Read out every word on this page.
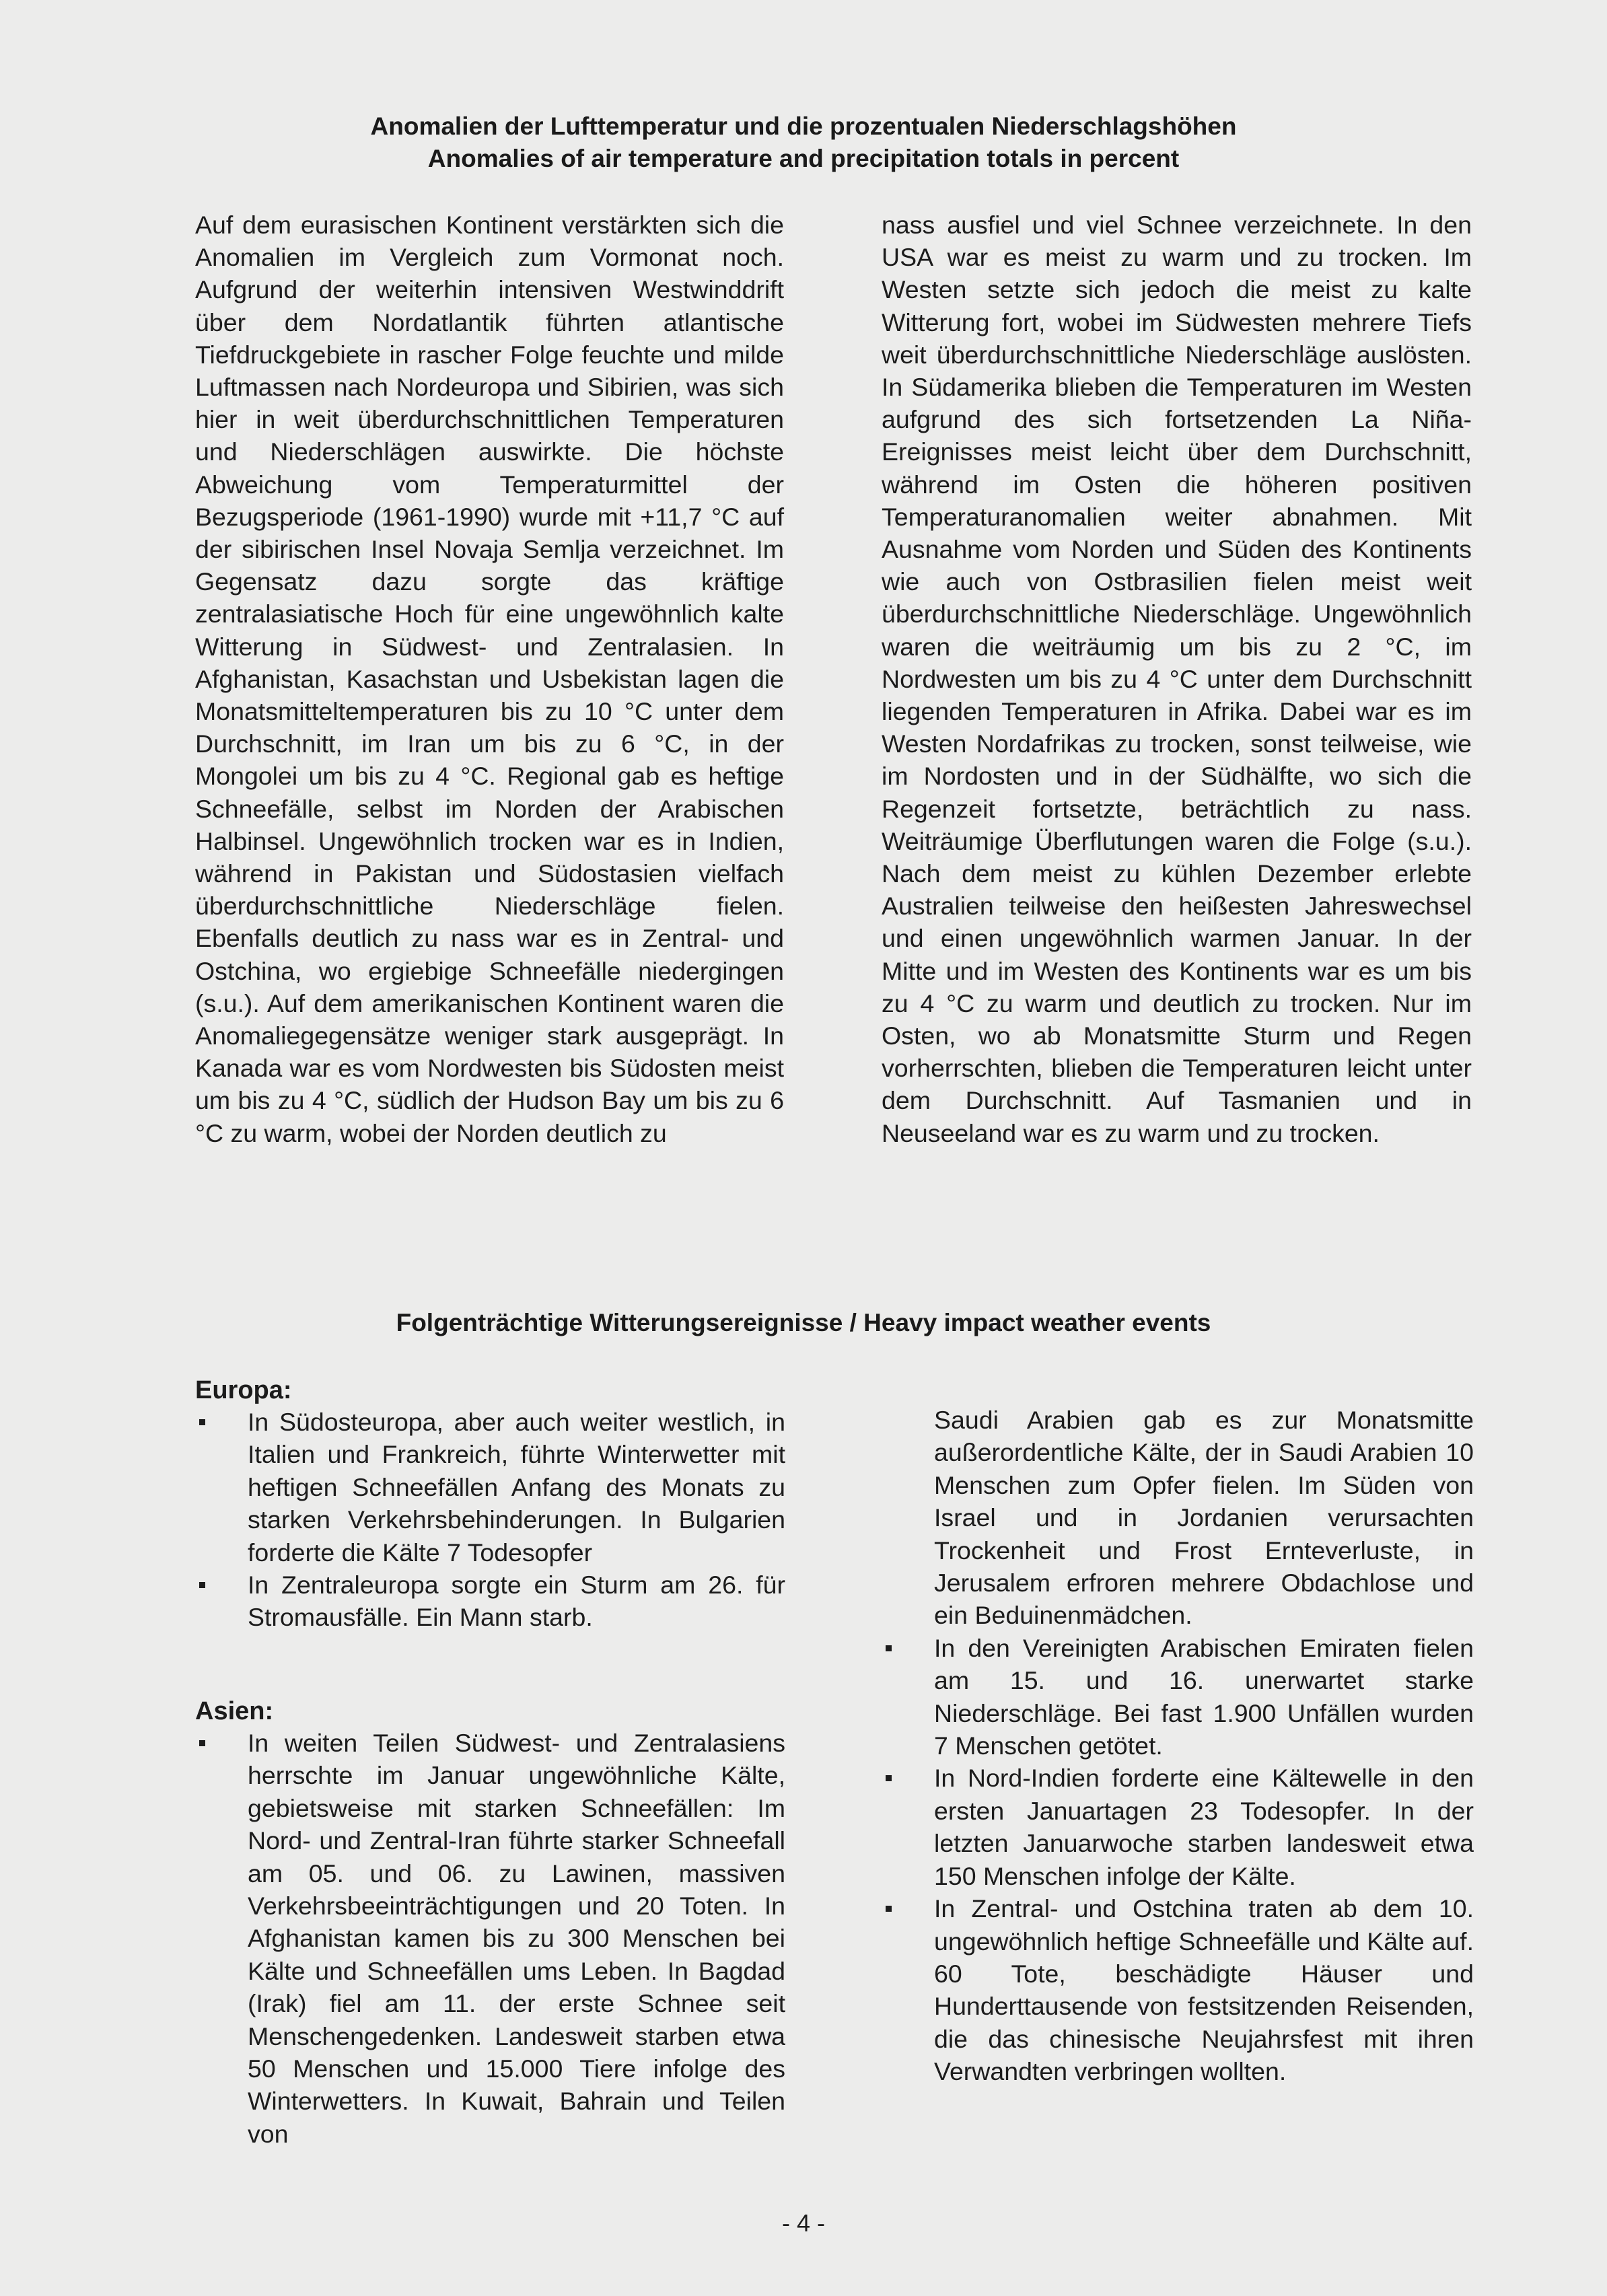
Anomalien der Lufttemperatur und die prozentualen Niederschlagshöhen
Anomalies of air temperature and precipitation totals in percent
Auf dem eurasischen Kontinent verstärkten sich die Anomalien im Vergleich zum Vormonat noch. Aufgrund der weiterhin intensiven Westwinddrift über dem Nordatlantik führten atlantische Tiefdruckgebiete in rascher Folge feuchte und milde Luftmassen nach Nordeuropa und Sibirien, was sich hier in weit überdurchschnittlichen Temperaturen und Niederschlägen auswirkte. Die höchste Abweichung vom Temperaturmittel der Bezugsperiode (1961-1990) wurde mit +11,7 °C auf der sibirischen Insel Novaja Semlja verzeichnet. Im Gegensatz dazu sorgte das kräftige zentralasiatische Hoch für eine ungewöhnlich kalte Witterung in Südwest- und Zentralasien. In Afghanistan, Kasachstan und Usbekistan lagen die Monatsmitteltemperaturen bis zu 10 °C unter dem Durchschnitt, im Iran um bis zu 6 °C, in der Mongolei um bis zu 4 °C. Regional gab es heftige Schneefälle, selbst im Norden der Arabischen Halbinsel. Ungewöhnlich trocken war es in Indien, während in Pakistan und Südostasien vielfach überdurchschnittliche Niederschläge fielen. Ebenfalls deutlich zu nass war es in Zentral- und Ostchina, wo ergiebige Schneefälle niedergingen (s.u.). Auf dem amerikanischen Kontinent waren die Anomaliegegensätze weniger stark ausgeprägt. In Kanada war es vom Nordwesten bis Südosten meist um bis zu 4 °C, südlich der Hudson Bay um bis zu 6 °C zu warm, wobei der Norden deutlich zu
nass ausfiel und viel Schnee verzeichnete. In den USA war es meist zu warm und zu trocken. Im Westen setzte sich jedoch die meist zu kalte Witterung fort, wobei im Südwesten mehrere Tiefs weit überdurchschnittliche Niederschläge auslösten. In Südamerika blieben die Temperaturen im Westen aufgrund des sich fortsetzenden La Niña-Ereignisses meist leicht über dem Durchschnitt, während im Osten die höheren positiven Temperaturanomalien weiter abnahmen. Mit Ausnahme vom Norden und Süden des Kontinents wie auch von Ostbrasilien fielen meist weit überdurchschnittliche Niederschläge. Ungewöhnlich waren die weiträumig um bis zu 2 °C, im Nordwesten um bis zu 4 °C unter dem Durchschnitt liegenden Temperaturen in Afrika. Dabei war es im Westen Nordafrikas zu trocken, sonst teilweise, wie im Nordosten und in der Südhälfte, wo sich die Regenzeit fortsetzte, beträchtlich zu nass. Weiträumige Überflutungen waren die Folge (s.u.). Nach dem meist zu kühlen Dezember erlebte Australien teilweise den heißesten Jahreswechsel und einen ungewöhnlich warmen Januar. In der Mitte und im Westen des Kontinents war es um bis zu 4 °C zu warm und deutlich zu trocken. Nur im Osten, wo ab Monatsmitte Sturm und Regen vorherrschten, blieben die Temperaturen leicht unter dem Durchschnitt. Auf Tasmanien und in Neuseeland war es zu warm und zu trocken.
Folgenträchtige Witterungsereignisse / Heavy impact weather events
Europa:
In Südosteuropa, aber auch weiter westlich, in Italien und Frankreich, führte Winterwetter mit heftigen Schneefällen Anfang des Monats zu starken Verkehrsbehinderungen. In Bulgarien forderte die Kälte 7 Todesopfer
In Zentraleuropa sorgte ein Sturm am 26. für Stromausfälle. Ein Mann starb.
Asien:
In weiten Teilen Südwest- und Zentralasiens herrschte im Januar ungewöhnliche Kälte, gebietsweise mit starken Schneefällen: Im Nord- und Zentral-Iran führte starker Schneefall am 05. und 06. zu Lawinen, massiven Verkehrsbeeinträchtigungen und 20 Toten. In Afghanistan kamen bis zu 300 Menschen bei Kälte und Schneefällen ums Leben. In Bagdad (Irak) fiel am 11. der erste Schnee seit Menschengedenken. Landesweit starben etwa 50 Menschen und 15.000 Tiere infolge des Winterwetters. In Kuwait, Bahrain und Teilen von
Saudi Arabien gab es zur Monatsmitte außerordentliche Kälte, der in Saudi Arabien 10 Menschen zum Opfer fielen. Im Süden von Israel und in Jordanien verursachten Trockenheit und Frost Ernteverluste, in Jerusalem erfroren mehrere Obdachlose und ein Beduinenmädchen.
In den Vereinigten Arabischen Emiraten fielen am 15. und 16. unerwartet starke Niederschläge. Bei fast 1.900 Unfällen wurden 7 Menschen getötet.
In Nord-Indien forderte eine Kältewelle in den ersten Januartagen 23 Todesopfer. In der letzten Januarwoche starben landesweit etwa 150 Menschen infolge der Kälte.
In Zentral- und Ostchina traten ab dem 10. ungewöhnlich heftige Schneefälle und Kälte auf. 60 Tote, beschädigte Häuser und Hunderttausende von festsitzenden Reisenden, die das chinesische Neujahrsfest mit ihren Verwandten verbringen wollten.
- 4 -
